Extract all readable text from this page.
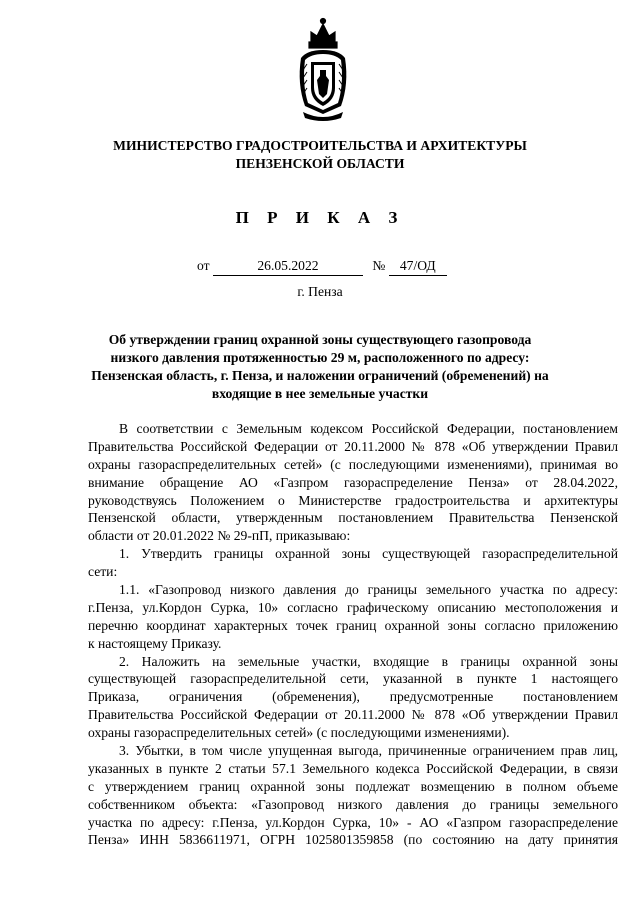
МИНИСТЕРСТВО ГРАДОСТРОИТЕЛЬСТВА И АРХИТЕКТУРЫ
ПЕНЗЕНСКОЙ ОБЛАСТИ
П Р И К А З
от	26.05.2022	№ 47/ОД
г. Пенза
Об утверждении границ охранной зоны существующего газопровода
низкого давления протяженностью 29 м, расположенного по адресу:
Пензенская область, г. Пенза, и наложении ограничений (обременений) на
входящие в нее земельные участки
В соответствии с Земельным кодексом Российской Федерации, постановлением
Правительства Российской Федерации от 20.11.2000 № 878 «Об утверждении Правил
охраны газораспределительных сетей» (с последующими изменениями), принимая во
внимание обращение АО «Газпром газораспределение Пенза» от 28.04.2022,
руководствуясь Положением о Министерстве градостроительства и архитектуры
Пензенской области, утвержденным постановлением Правительства Пензенской
области от 20.01.2022 № 29-пП, приказываю:
1. Утвердить границы охранной зоны существующей газораспределительной
сети:
1.1. «Газопровод низкого давления до границы земельного участка по адресу:
г.Пенза, ул.Кордон Сурка, 10» согласно графическому описанию местоположения и
перечню координат характерных точек границ охранной зоны согласно приложению
к настоящему Приказу.
2. Наложить на земельные участки, входящие в границы охранной зоны
существующей газораспределительной сети, указанной в пункте 1 настоящего
Приказа, ограничения (обременения), предусмотренные постановлением
Правительства Российской Федерации от 20.11.2000 № 878 «Об утверждении Правил
охраны газораспределительных сетей» (с последующими изменениями).
3. Убытки, в том числе упущенная выгода, причиненные ограничением прав лиц,
указанных в пункте 2 статьи 57.1 Земельного кодекса Российской Федерации, в связи
с утверждением границ охранной зоны подлежат возмещению в полном объеме
собственником объекта: «Газопровод низкого давления до границы земельного
участка по адресу: г.Пенза, ул.Кордон Сурка, 10» - АО «Газпром газораспределение
Пенза» ИНН 5836611971, ОГРН 1025801359858 (по состоянию на дату принятия
